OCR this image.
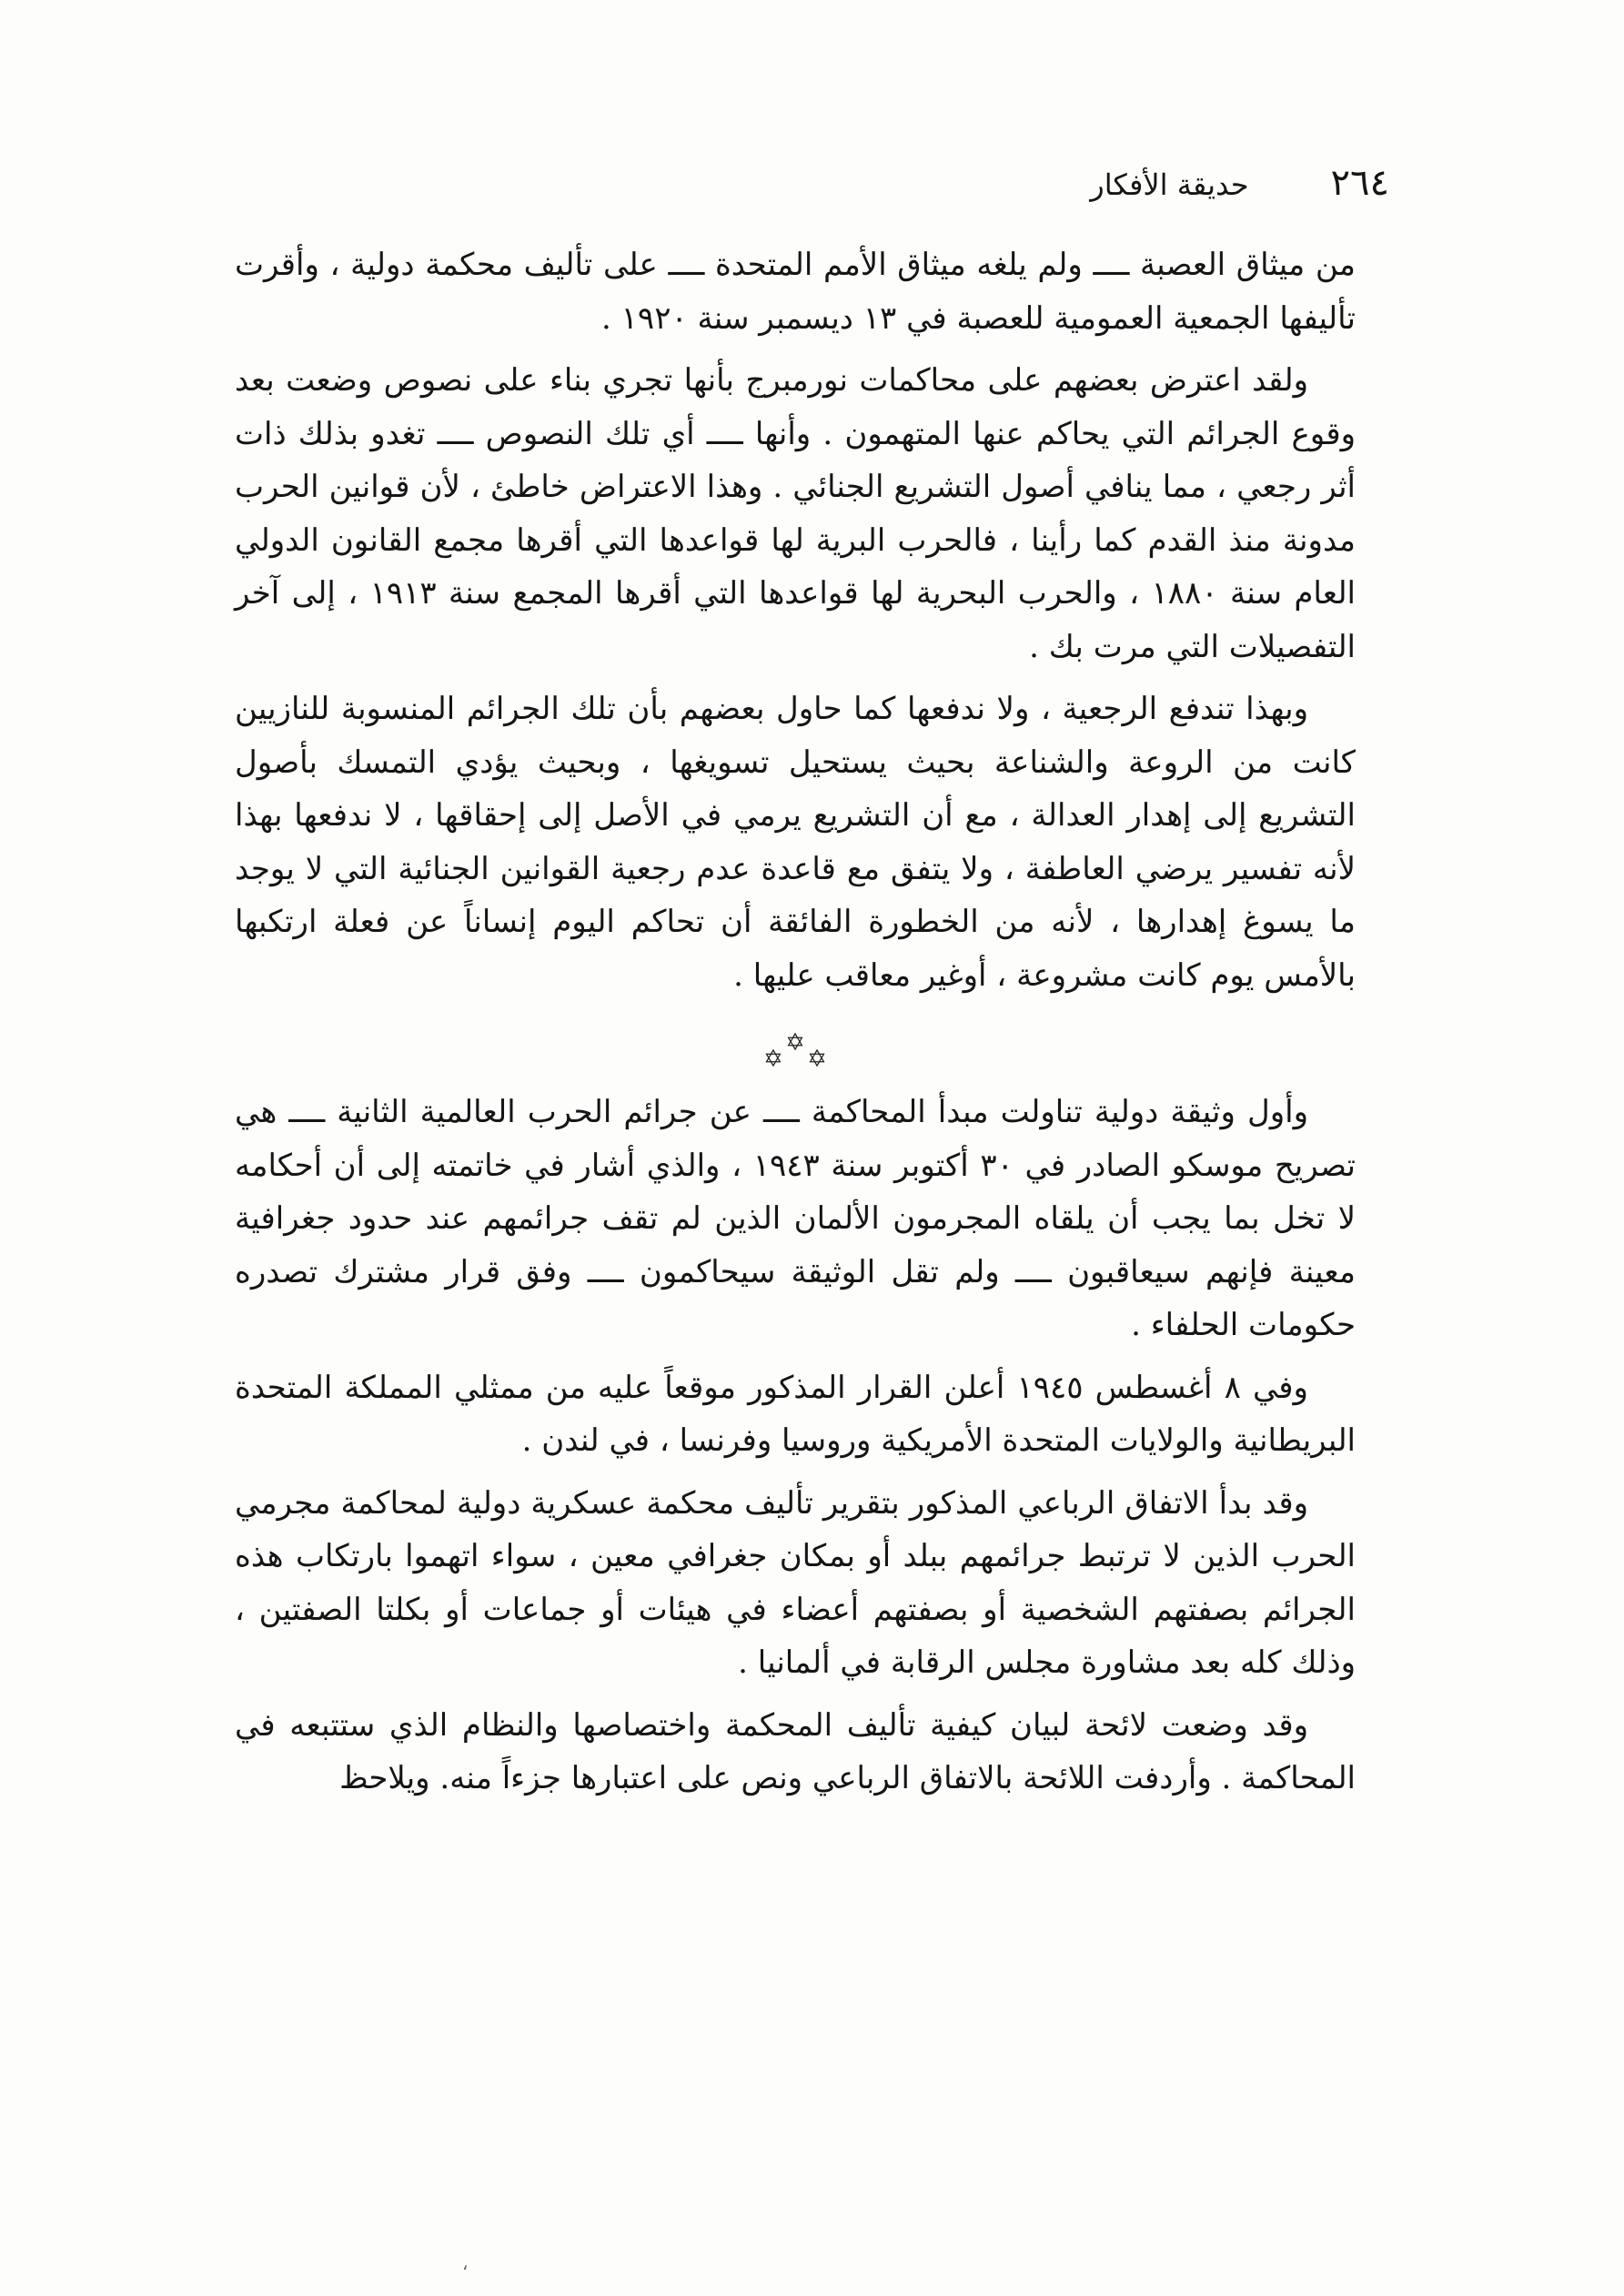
٢٦٤
حديقة الأفكار

من ميثاق العصبة ــــ ولم يلغه ميثاق الأمم المتحدة ــــ على تأليف محكمة دولية ، وأقرت تأليفها الجمعية العمومية للعصبة في ١٣ ديسمبر سنة ١٩٢٠ .

ولقد اعترض بعضهم على محاكمات نورمبرج بأنها تجري بناء على نصوص وضعت بعد وقوع الجرائم التي يحاكم عنها المتهمون . وأنها ــــ أي تلك النصوص ــــ تغدو بذلك ذات أثر رجعي ، مما ينافي أصول التشريع الجنائي . وهذا الاعتراض خاطئ ، لأن قوانين الحرب مدونة منذ القدم كما رأينا ، فالحرب البرية لها قواعدها التي أقرها مجمع القانون الدولي العام سنة ١٨٨٠ ، والحرب البحرية لها قواعدها التي أقرها المجمع سنة ١٩١٣ ، إلى آخر التفصيلات التي مرت بك .

وبهذا تندفع الرجعية ، ولا ندفعها كما حاول بعضهم بأن تلك الجرائم المنسوبة للنازيين كانت من الروعة والشناعة بحيث يستحيل تسويغها ، وبحيث يؤدي التمسك بأصول التشريع إلى إهدار العدالة ، مع أن التشريع يرمي في الأصل إلى إحقاقها ، لا ندفعها بهذا لأنه تفسير يرضي العاطفة ، ولا يتفق مع قاعدة عدم رجعية القوانين الجنائية التي لا يوجد ما يسوغ إهدارها ، لأنه من الخطورة الفائقة أن تحاكم اليوم إنساناً عن فعلة ارتكبها بالأمس يوم كانت مشروعة ، أوغير معاقب عليها .

✡ ✡ ✡

وأول وثيقة دولية تناولت مبدأ المحاكمة ــــ عن جرائم الحرب العالمية الثانية ــــ هي تصريح موسكو الصادر في ٣٠ أكتوبر سنة ١٩٤٣ ، والذي أشار في خاتمته إلى أن أحكامه لا تخل بما يجب أن يلقاه المجرمون الألمان الذين لم تقف جرائمهم عند حدود جغرافية معينة فإنهم سيعاقبون ــــ ولم تقل الوثيقة سيحاكمون ــــ وفق قرار مشترك تصدره حكومات الحلفاء .

وفي ٨ أغسطس ١٩٤٥ أعلن القرار المذكور موقعاً عليه من ممثلي المملكة المتحدة البريطانية والولايات المتحدة الأمريكية وروسيا وفرنسا ، في لندن .

وقد بدأ الاتفاق الرباعي المذكور بتقرير تأليف محكمة عسكرية دولية لمحاكمة مجرمي الحرب الذين لا ترتبط جرائمهم ببلد أو بمكان جغرافي معين ، سواء اتهموا بارتكاب هذه الجرائم بصفتهم الشخصية أو بصفتهم أعضاء في هيئات أو جماعات أو بكلتا الصفتين ، وذلك كله بعد مشاورة مجلس الرقابة في ألمانيا .

وقد وضعت لائحة لبيان كيفية تأليف المحكمة واختصاصها والنظام الذي ستتبعه في المحاكمة . وأردفت اللائحة بالاتفاق الرباعي ونص على اعتبارها جزءاً منه. ويلاحظ

،
